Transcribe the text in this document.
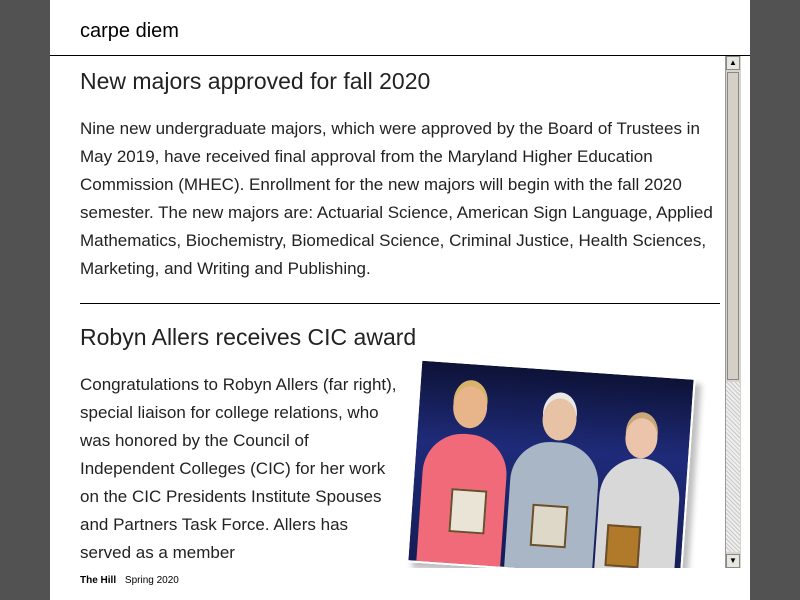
carpe diem
New majors approved for fall 2020

Nine new undergraduate majors, which were approved by the Board of Trustees in May 2019, have received final approval from the Maryland Higher Education Commission (MHEC). Enrollment for the new majors will begin with the fall 2020 semester. The new majors are: Actuarial Science, American Sign Language, Applied Mathematics, Biochemistry, Biomedical Science, Criminal Justice, Health Sciences, Marketing, and Writing and Publishing.

Robyn Allers receives CIC award

Congratulations to Robyn Allers (far right), special liaison for college relations, who was honored by the Council of Independent Colleges (CIC) for her work on the CIC Presidents Institute Spouses and Partners Task Force. Allers has served as a member

▲
▼
The Hill Spring 2020
